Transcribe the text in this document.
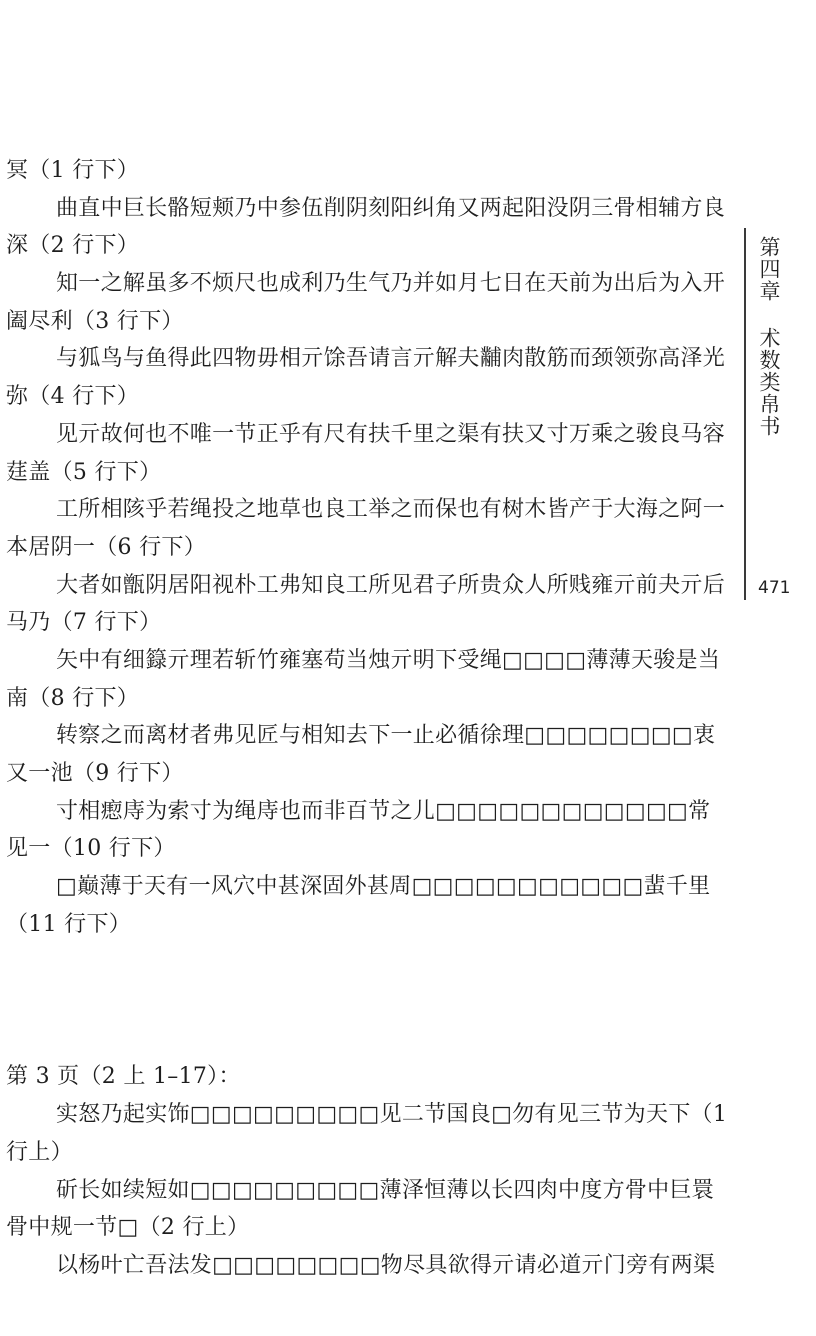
冥（1 行下）
曲直中巨长骼短颊乃中参伍削阴刻阳纠角又两起阳没阴三骨相辅方良
深（2 行下）
知一之解虽多不烦尺也成利乃生气乃并如月七日在天前为出后为入开
阖尽利（3 行下）
与狐鸟与鱼得此四物毋相亓馀吾请言亓解夫黼肉散筋而颈领弥高泽光
弥（4 行下）
见亓故何也不唯一节正乎有尺有扶千里之渠有扶又寸万乘之骏良马容
莛盖（5 行下）
工所相陔乎若绳投之地草也良工举之而保也有树木皆产于大海之阿一
本居阴一（6 行下）
大者如甑阴居阳视朴工弗知良工所见君子所贵众人所贱雍亓前夬亓后
马乃（7 行下）
矢中有细籙亓理若斩竹雍塞苟当烛亓明下受绳□□□□薄薄天骏是当
南（8 行下）
转察之而离材者弗见匠与相知去下一止必循徐理□□□□□□□□衷
又一池（9 行下）
寸相瘛庤为索寸为绳庤也而非百节之儿□□□□□□□□□□□□常
见一（10 行下）
□巅薄于天有一风穴中甚深固外甚周□□□□□□□□□□□蜚千里
（11 行下）
第 3 页（2 上 1–17）：
实怒乃起实饰□□□□□□□□□见二节国良□勿有见三节为天下（1
行上）
斫长如续短如□□□□□□□□□薄泽恒薄以长四肉中度方骨中巨睘
骨中规一节□（2 行上）
以杨叶亡吾法发□□□□□□□□物尽具欲得亓请必道亓门旁有两渠
第四章 术数类帛书
471
